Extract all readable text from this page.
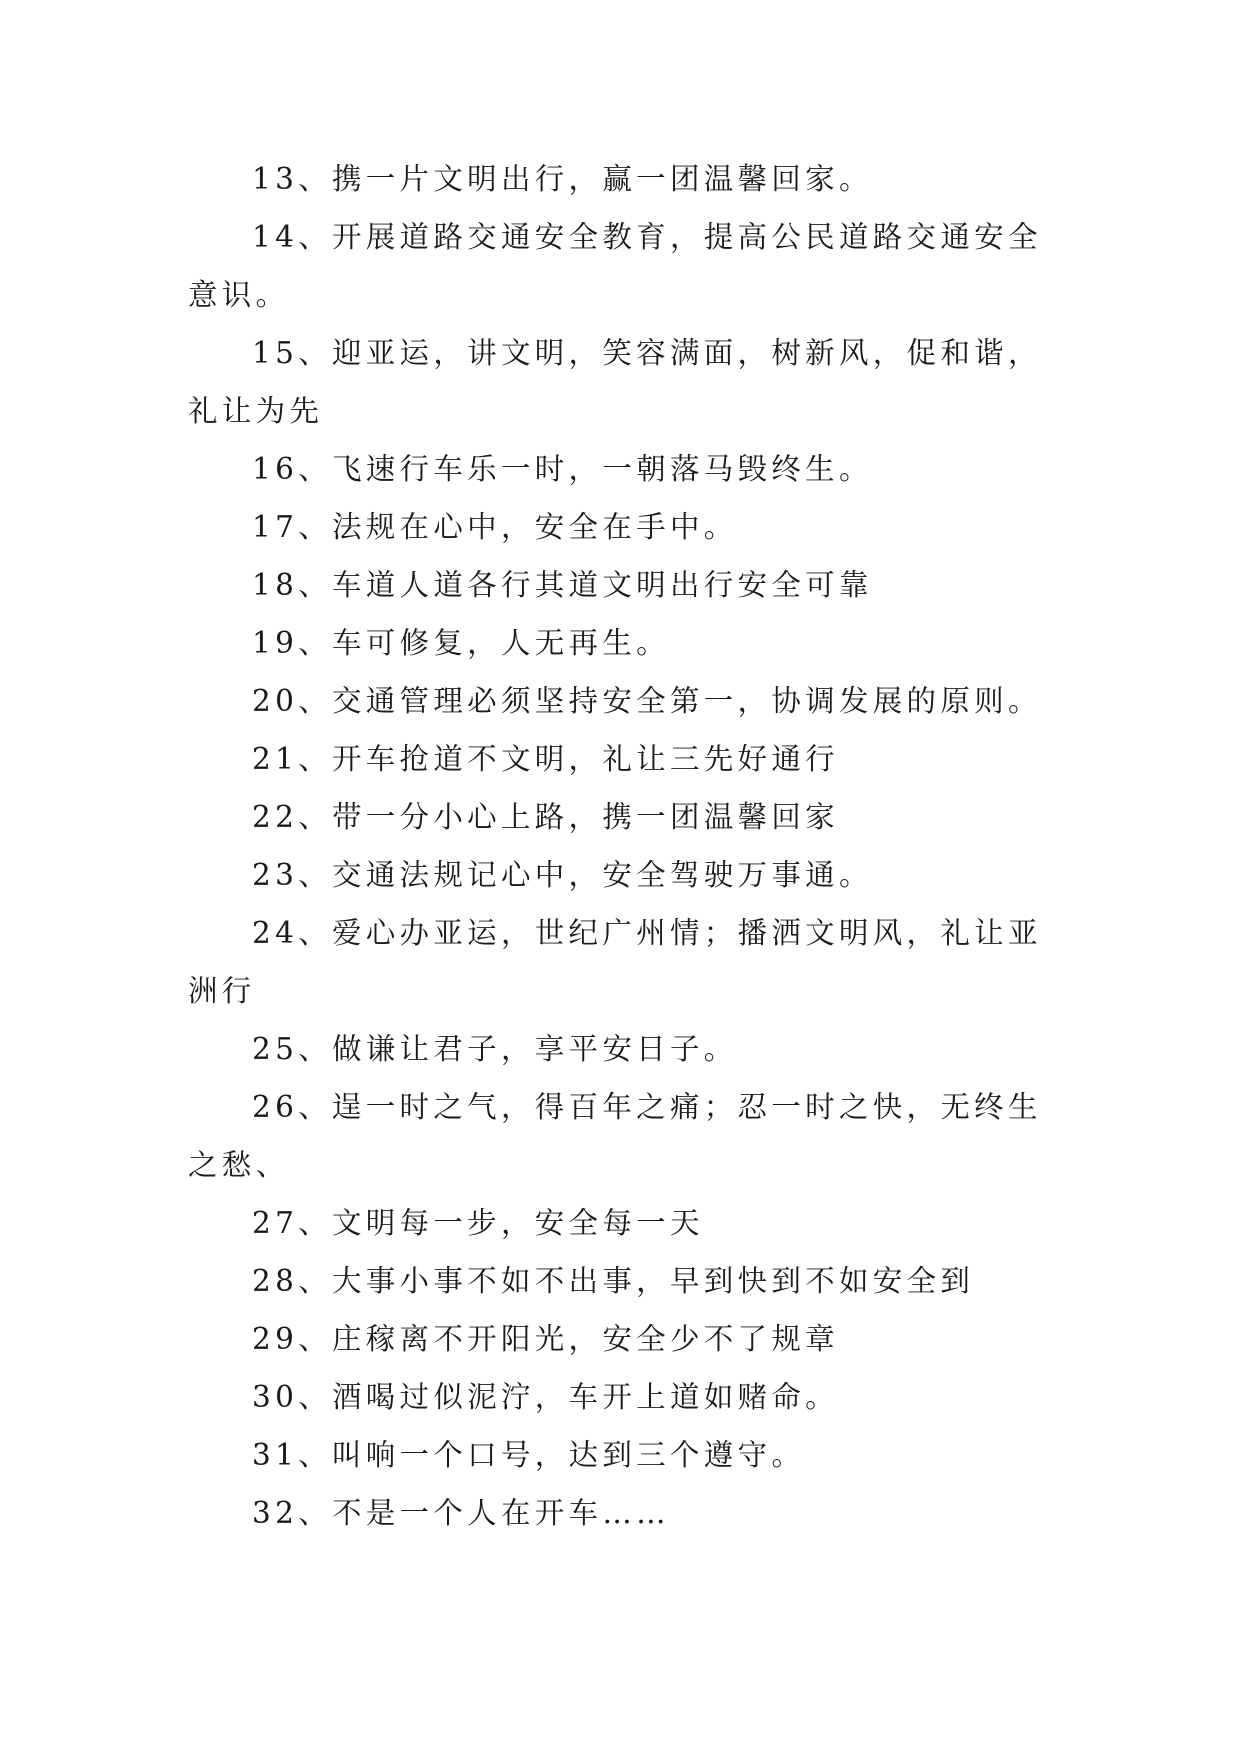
13、携一片文明出行，赢一团温馨回家。

14、开展道路交通安全教育，提高公民道路交通安全意识。

15、迎亚运，讲文明，笑容满面，树新风，促和谐，礼让为先

16、飞速行车乐一时，一朝落马毁终生。

17、法规在心中，安全在手中。

18、车道人道各行其道文明出行安全可靠

19、车可修复，人无再生。

20、交通管理必须坚持安全第一，协调发展的原则。

21、开车抢道不文明，礼让三先好通行

22、带一分小心上路，携一团温馨回家

23、交通法规记心中，安全驾驶万事通。

24、爱心办亚运，世纪广州情；播洒文明风，礼让亚洲行

25、做谦让君子，享平安日子。

26、逞一时之气，得百年之痛；忍一时之快，无终生之愁、

27、文明每一步，安全每一天

28、大事小事不如不出事，早到快到不如安全到

29、庄稼离不开阳光，安全少不了规章

30、酒喝过似泥泞，车开上道如赌命。

31、叫响一个口号，达到三个遵守。

32、不是一个人在开车……
